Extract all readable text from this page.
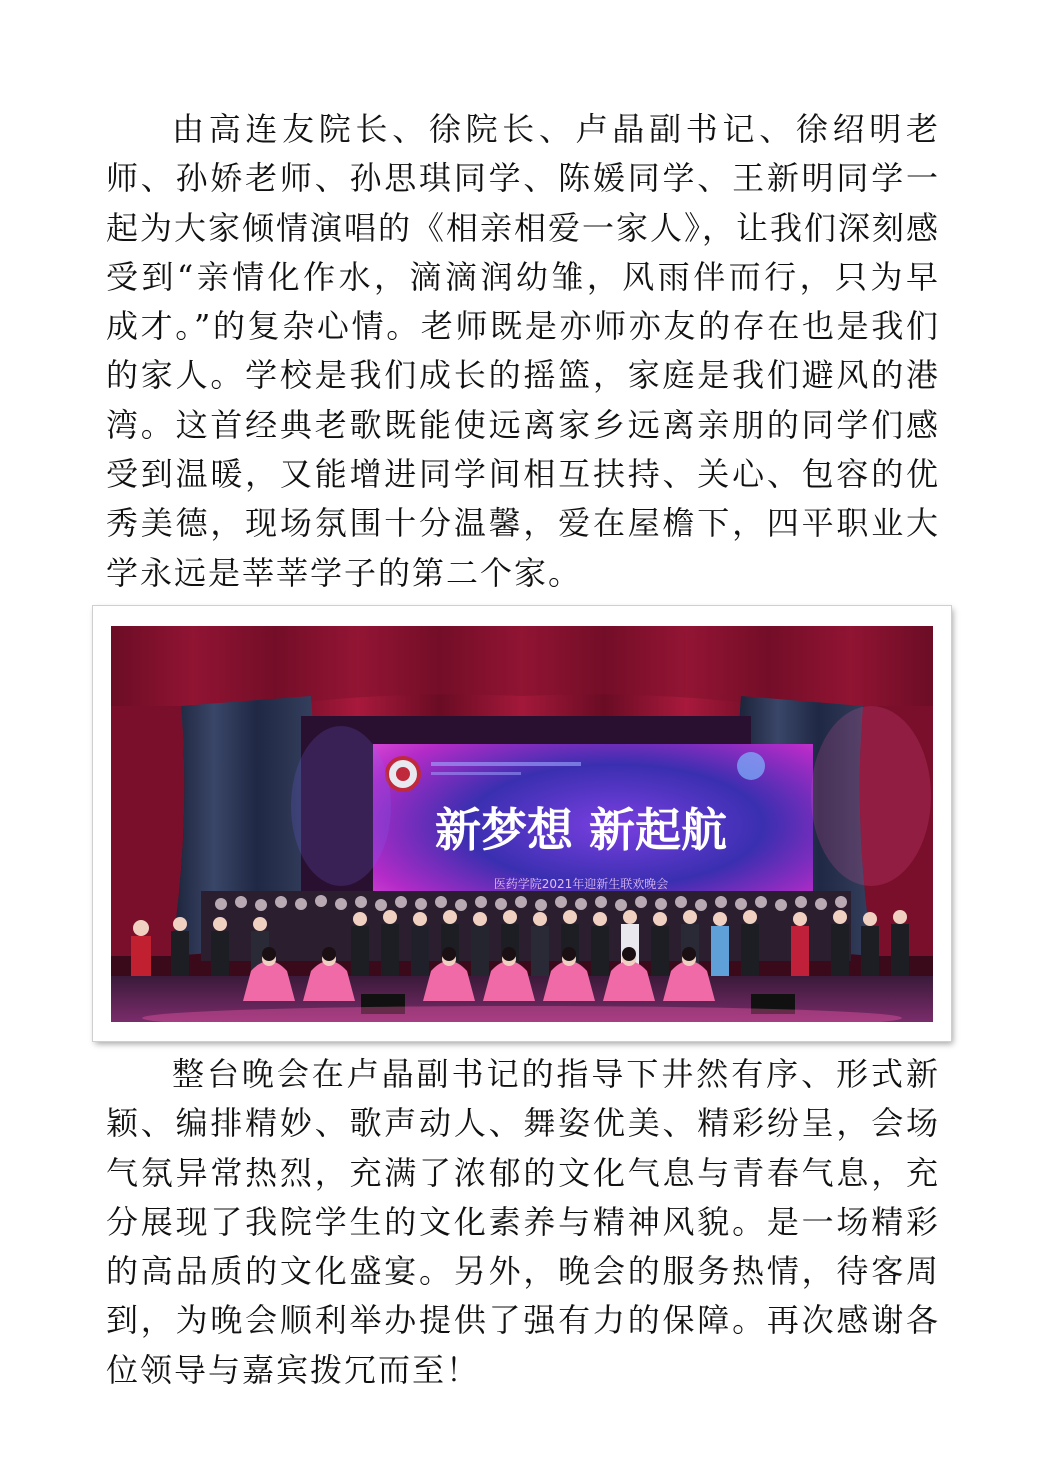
由高连友院长、徐院长、卢晶副书记、徐绍明老师、孙娇老师、孙思琪同学、陈媛同学、王新明同学一起为大家倾情演唱的《相亲相爱一家人》，让我们深刻感受到“亲情化作水，滴滴润幼雏，风雨伴而行，只为早成才。”的复杂心情。老师既是亦师亦友的存在也是我们的家人。学校是我们成长的摇篮，家庭是我们避风的港湾。这首经典老歌既能使远离家乡远离亲朋的同学们感受到温暖，又能增进同学间相互扶持、关心、包容的优秀美德，现场氛围十分温馨，爱在屋檐下，四平职业大学永远是莘莘学子的第二个家。

新梦想 新起航
医药学院2021年迎新生联欢晚会

整台晚会在卢晶副书记的指导下井然有序、形式新颖、编排精妙、歌声动人、舞姿优美、精彩纷呈，会场气氛异常热烈，充满了浓郁的文化气息与青春气息，充分展现了我院学生的文化素养与精神风貌。是一场精彩的高品质的文化盛宴。另外，晚会的服务热情，待客周到，为晚会顺利举办提供了强有力的保障。再次感谢各位领导与嘉宾拨冗而至！
